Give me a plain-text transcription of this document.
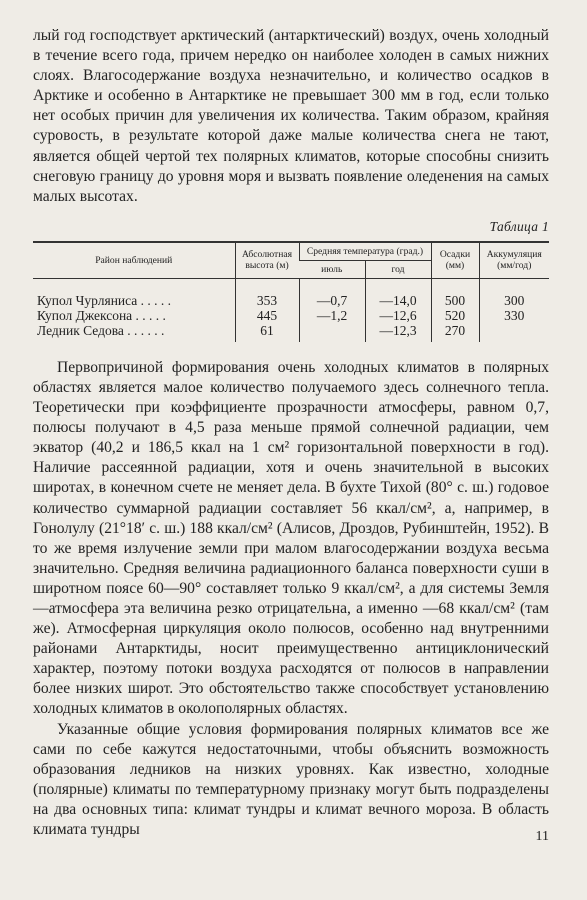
лый год господствует арктический (антарктический) воздух, очень холодный в течение всего года, причем нередко он наиболее холоден в самых нижних слоях. Влагосодержание воздуха незначительно, и количество осадков в Арктике и особенно в Антарктике не превышает 300 мм в год, если только нет особых причин для увеличения их количества. Таким образом, крайняя суровость, в результате которой даже малые количества снега не тают, является общей чертой тех полярных климатов, которые способны снизить снеговую границу до уровня моря и вызвать появление оледенения на самых малых высотах.

Таблица 1
Район наблюдений	Абсолютная высота (м)	Средняя температура (град.)		Осадки (мм)	Аккумуляция (мм/год)
		июль	год		

Купол Чурляниса . . . . .	353	—0,7	—14,0	500	300
Купол Джексона . . . . .	445	—1,2	—12,6	520	330
Ледник Седова . . . . . .	61		—12,3	270	

Первопричиной формирования очень холодных климатов в полярных областях является малое количество получаемого здесь солнечного тепла. Теоретически при коэффициенте прозрачности атмосферы, равном 0,7, полюсы получают в 4,5 раза меньше прямой солнечной радиации, чем экватор (40,2 и 186,5 ккал на 1 см² горизонтальной поверхности в год). Наличие рассеянной радиации, хотя и очень значительной в высоких широтах, в конечном счете не меняет дела. В бухте Тихой (80° с. ш.) годовое количество суммарной радиации составляет 56 ккал/см², а, например, в Гонолулу (21°18′ с. ш.) 188 ккал/см² (Алисов, Дроздов, Рубинштейн, 1952). В то же время излучение земли при малом влагосодержании воздуха весьма значительно. Средняя величина радиационного баланса поверхности суши в широтном поясе 60—90° составляет только 9 ккал/см², а для системы Земля—атмосфера эта величина резко отрицательна, а именно —68 ккал/см² (там же). Атмосферная циркуляция около полюсов, особенно над внутренними районами Антарктиды, носит преимущественно антициклонический характер, поэтому потоки воздуха расходятся от полюсов в направлении более низких широт. Это обстоятельство также способствует установлению холодных климатов в околополярных областях.

Указанные общие условия формирования полярных климатов все же сами по себе кажутся недостаточными, чтобы объяснить возможность образования ледников на низких уровнях. Как известно, холодные (полярные) климаты по температурному признаку могут быть подразделены на два основных типа: климат тундры и климат вечного мороза. В область климата тундры	11
